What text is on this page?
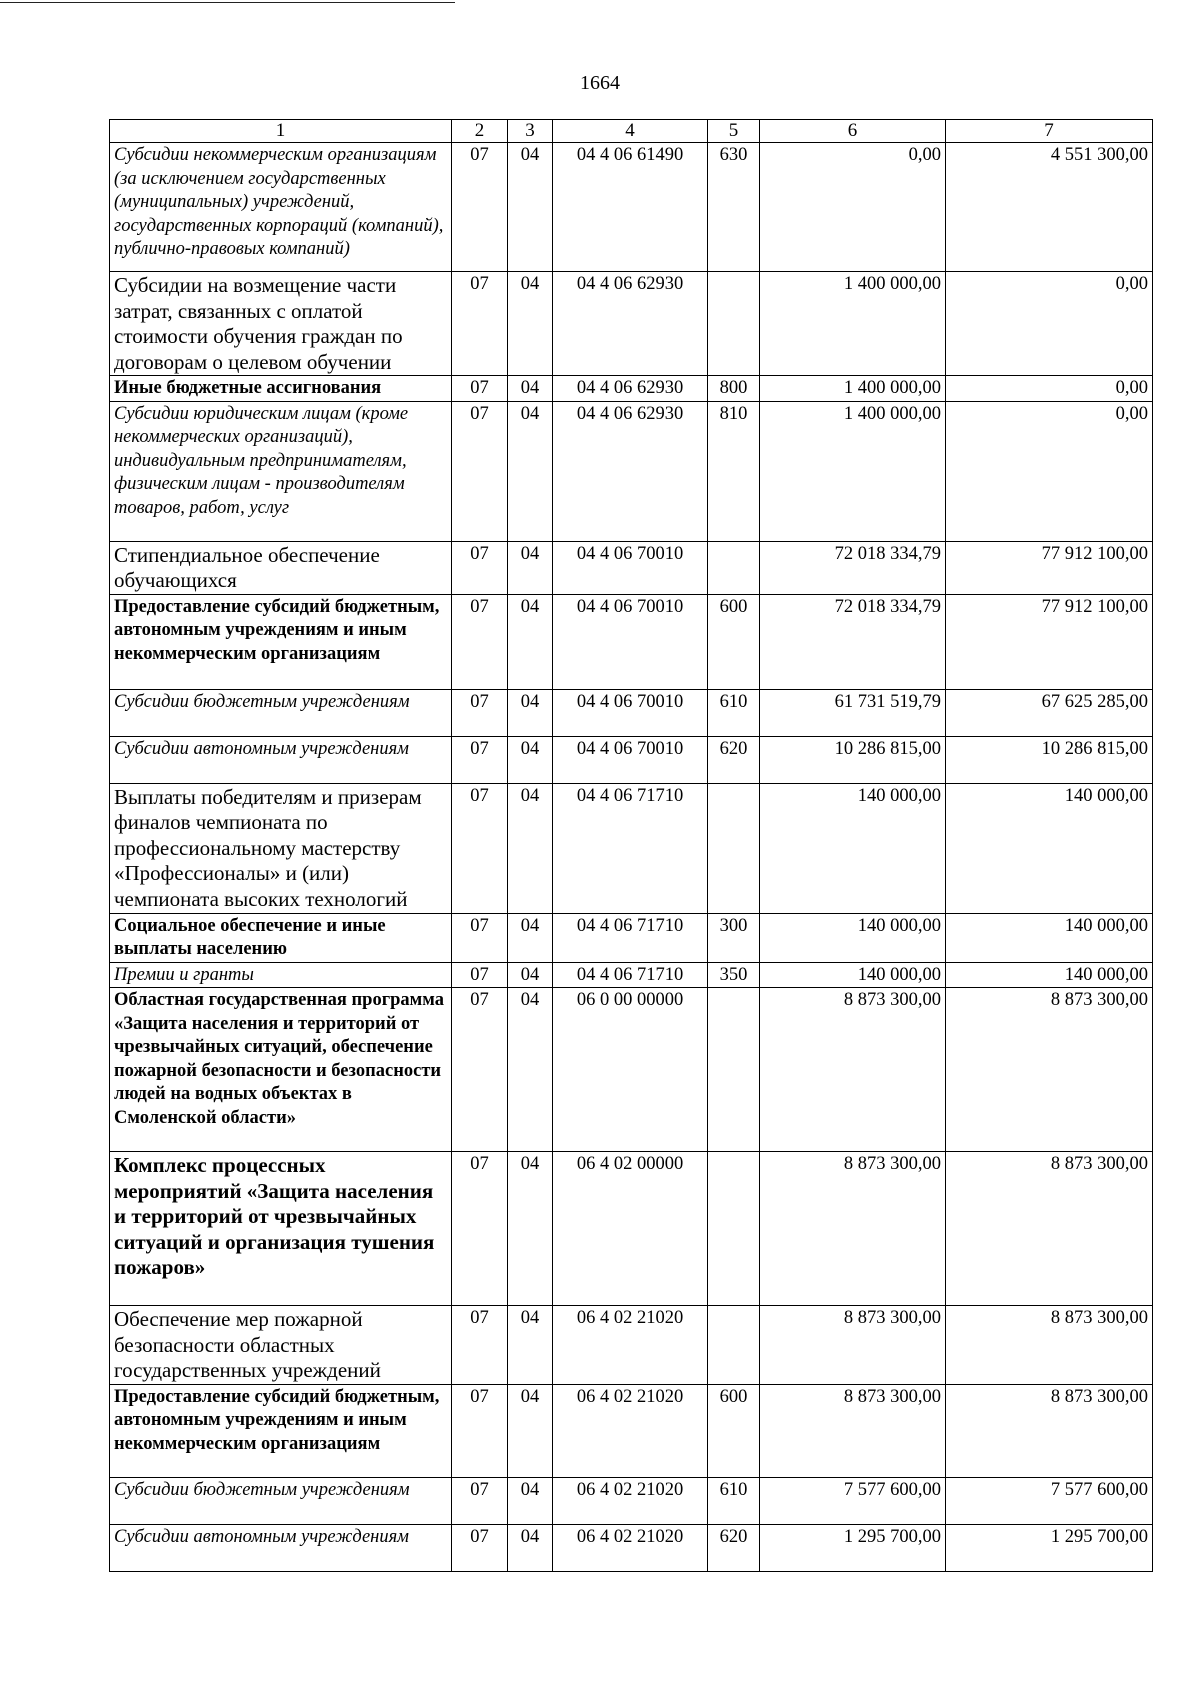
1664
1	2	3	4	5	6	7
Субсидии некоммерческим организациям (за исключением государственных (муниципальных) учреждений, государственных корпораций (компаний), публично-правовых компаний)	07	04	04 4 06 61490	630	0,00	4 551 300,00
Субсидии на возмещение части затрат, связанных с оплатой стоимости обучения граждан по договорам о целевом обучении	07	04	04 4 06 62930		1 400 000,00	0,00
Иные бюджетные ассигнования	07	04	04 4 06 62930	800	1 400 000,00	0,00
Субсидии юридическим лицам (кроме некоммерческих организаций), индивидуальным предпринимателям, физическим лицам - производителям товаров, работ, услуг	07	04	04 4 06 62930	810	1 400 000,00	0,00
Стипендиальное обеспечение обучающихся	07	04	04 4 06 70010		72 018 334,79	77 912 100,00
Предоставление субсидий бюджетным, автономным учреждениям и иным некоммерческим организациям	07	04	04 4 06 70010	600	72 018 334,79	77 912 100,00
Субсидии бюджетным учреждениям	07	04	04 4 06 70010	610	61 731 519,79	67 625 285,00
Субсидии автономным учреждениям	07	04	04 4 06 70010	620	10 286 815,00	10 286 815,00
Выплаты победителям и призерам финалов чемпионата по профессиональному мастерству «Профессионалы» и (или) чемпионата высоких технологий	07	04	04 4 06 71710		140 000,00	140 000,00
Социальное обеспечение и иные выплаты населению	07	04	04 4 06 71710	300	140 000,00	140 000,00
Премии и гранты	07	04	04 4 06 71710	350	140 000,00	140 000,00
Областная государственная программа «Защита населения и территорий от чрезвычайных ситуаций, обеспечение пожарной безопасности и безопасности людей на водных объектах в Смоленской области»	07	04	06 0 00 00000		8 873 300,00	8 873 300,00
Комплекс процессных мероприятий «Защита населения и территорий от чрезвычайных ситуаций и организация тушения пожаров»	07	04	06 4 02 00000		8 873 300,00	8 873 300,00
Обеспечение мер пожарной безопасности областных государственных учреждений	07	04	06 4 02 21020		8 873 300,00	8 873 300,00
Предоставление субсидий бюджетным, автономным учреждениям и иным некоммерческим организациям	07	04	06 4 02 21020	600	8 873 300,00	8 873 300,00
Субсидии бюджетным учреждениям	07	04	06 4 02 21020	610	7 577 600,00	7 577 600,00
Субсидии автономным учреждениям	07	04	06 4 02 21020	620	1 295 700,00	1 295 700,00
